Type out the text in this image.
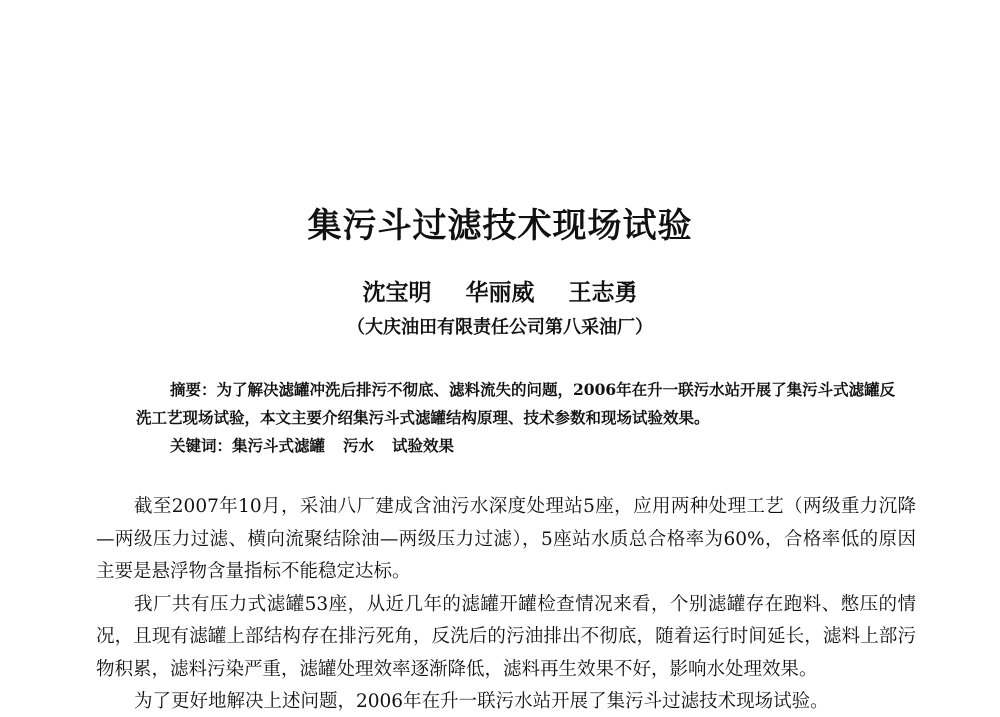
集污斗过滤技术现场试验
沈宝明 华丽威 王志勇
（大庆油田有限责任公司第八采油厂）
摘要：为了解决滤罐冲洗后排污不彻底、滤料流失的问题，2006年在升一联污水站开展了集污斗式滤罐反洗工艺现场试验，本文主要介绍集污斗式滤罐结构原理、技术参数和现场试验效果。
关键词：集污斗式滤罐 污水 试验效果

截至2007年10月，采油八厂建成含油污水深度处理站5座，应用两种处理工艺（两级重力沉降—两级压力过滤、横向流聚结除油—两级压力过滤），5座站水质总合格率为60%，合格率低的原因主要是悬浮物含量指标不能稳定达标。

我厂共有压力式滤罐53座，从近几年的滤罐开罐检查情况来看，个别滤罐存在跑料、憋压的情况，且现有滤罐上部结构存在排污死角，反洗后的污油排出不彻底，随着运行时间延长，滤料上部污物积累，滤料污染严重，滤罐处理效率逐渐降低，滤料再生效果不好，影响水处理效果。

为了更好地解决上述问题，2006年在升一联污水站开展了集污斗过滤技术现场试验。
